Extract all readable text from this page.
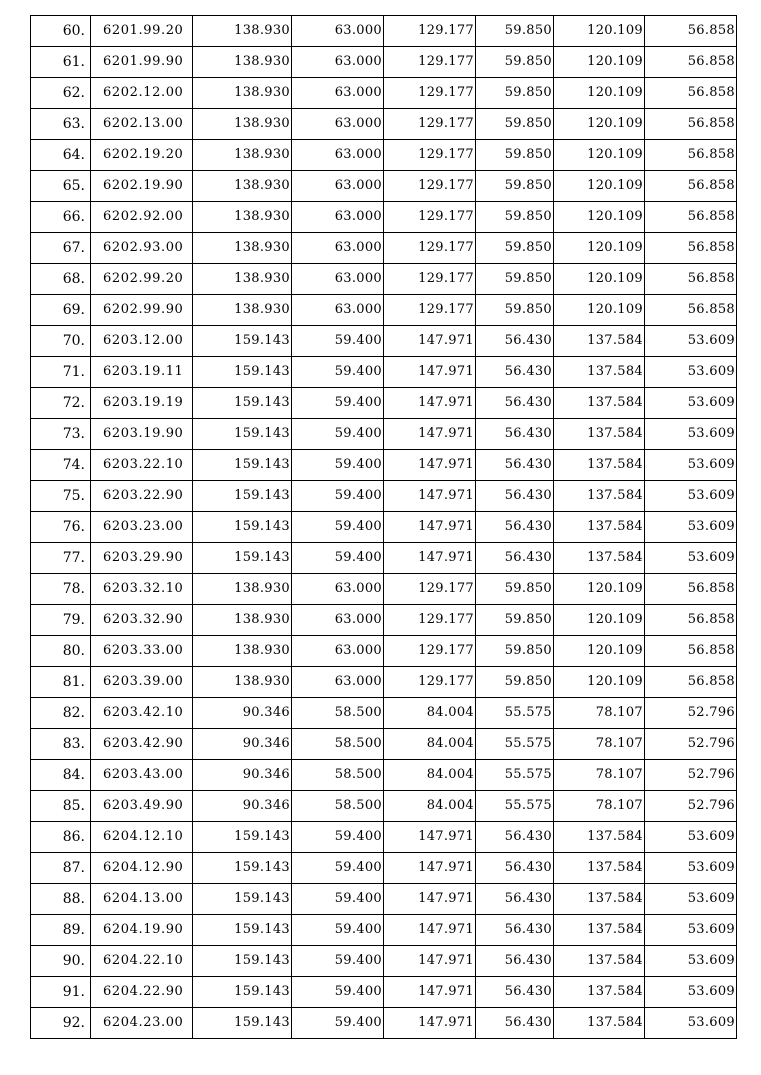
60.	6201.99.20	138.930	63.000	129.177	59.850	120.109	56.858
61.	6201.99.90	138.930	63.000	129.177	59.850	120.109	56.858
62.	6202.12.00	138.930	63.000	129.177	59.850	120.109	56.858
63.	6202.13.00	138.930	63.000	129.177	59.850	120.109	56.858
64.	6202.19.20	138.930	63.000	129.177	59.850	120.109	56.858
65.	6202.19.90	138.930	63.000	129.177	59.850	120.109	56.858
66.	6202.92.00	138.930	63.000	129.177	59.850	120.109	56.858
67.	6202.93.00	138.930	63.000	129.177	59.850	120.109	56.858
68.	6202.99.20	138.930	63.000	129.177	59.850	120.109	56.858
69.	6202.99.90	138.930	63.000	129.177	59.850	120.109	56.858
70.	6203.12.00	159.143	59.400	147.971	56.430	137.584	53.609
71.	6203.19.11	159.143	59.400	147.971	56.430	137.584	53.609
72.	6203.19.19	159.143	59.400	147.971	56.430	137.584	53.609
73.	6203.19.90	159.143	59.400	147.971	56.430	137.584	53.609
74.	6203.22.10	159.143	59.400	147.971	56.430	137.584	53.609
75.	6203.22.90	159.143	59.400	147.971	56.430	137.584	53.609
76.	6203.23.00	159.143	59.400	147.971	56.430	137.584	53.609
77.	6203.29.90	159.143	59.400	147.971	56.430	137.584	53.609
78.	6203.32.10	138.930	63.000	129.177	59.850	120.109	56.858
79.	6203.32.90	138.930	63.000	129.177	59.850	120.109	56.858
80.	6203.33.00	138.930	63.000	129.177	59.850	120.109	56.858
81.	6203.39.00	138.930	63.000	129.177	59.850	120.109	56.858
82.	6203.42.10	90.346	58.500	84.004	55.575	78.107	52.796
83.	6203.42.90	90.346	58.500	84.004	55.575	78.107	52.796
84.	6203.43.00	90.346	58.500	84.004	55.575	78.107	52.796
85.	6203.49.90	90.346	58.500	84.004	55.575	78.107	52.796
86.	6204.12.10	159.143	59.400	147.971	56.430	137.584	53.609
87.	6204.12.90	159.143	59.400	147.971	56.430	137.584	53.609
88.	6204.13.00	159.143	59.400	147.971	56.430	137.584	53.609
89.	6204.19.90	159.143	59.400	147.971	56.430	137.584	53.609
90.	6204.22.10	159.143	59.400	147.971	56.430	137.584	53.609
91.	6204.22.90	159.143	59.400	147.971	56.430	137.584	53.609
92.	6204.23.00	159.143	59.400	147.971	56.430	137.584	53.609
